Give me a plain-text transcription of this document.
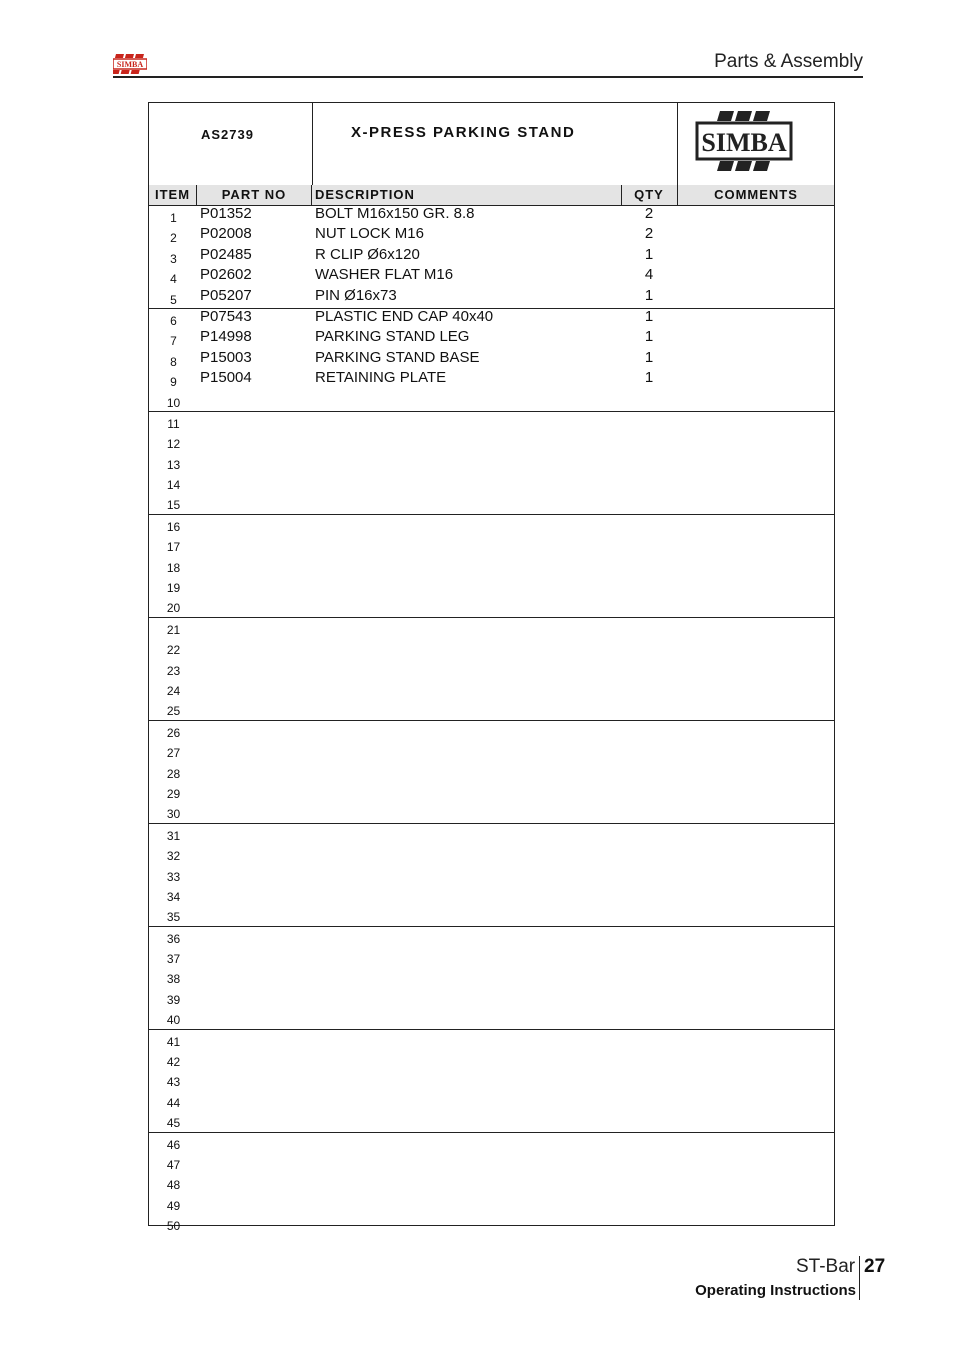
SIMBA	Parts & Assembly
AS2739	X-PRESS PARKING STAND	SIMBA
ITEM	PART NO	DESCRIPTION	QTY	COMMENTS
1	P01352	BOLT M16x150 GR. 8.8	2
2	P02008	NUT LOCK M16	2
3	P02485	R CLIP Ø6x120	1
4	P02602	WASHER FLAT M16	4
5	P05207	PIN Ø16x73	1
6	P07543	PLASTIC END CAP 40x40	1
7	P14998	PARKING STAND LEG	1
8	P15003	PARKING STAND BASE	1
9	P15004	RETAINING PLATE	1
10
11
12
13
14
15
16
17
18
19
20
21
22
23
24
25
26
27
28
29
30
31
32
33
34
35
36
37
38
39
40
41
42
43
44
45
46
47
48
49
50
ST-Bar 27
Operating Instructions
